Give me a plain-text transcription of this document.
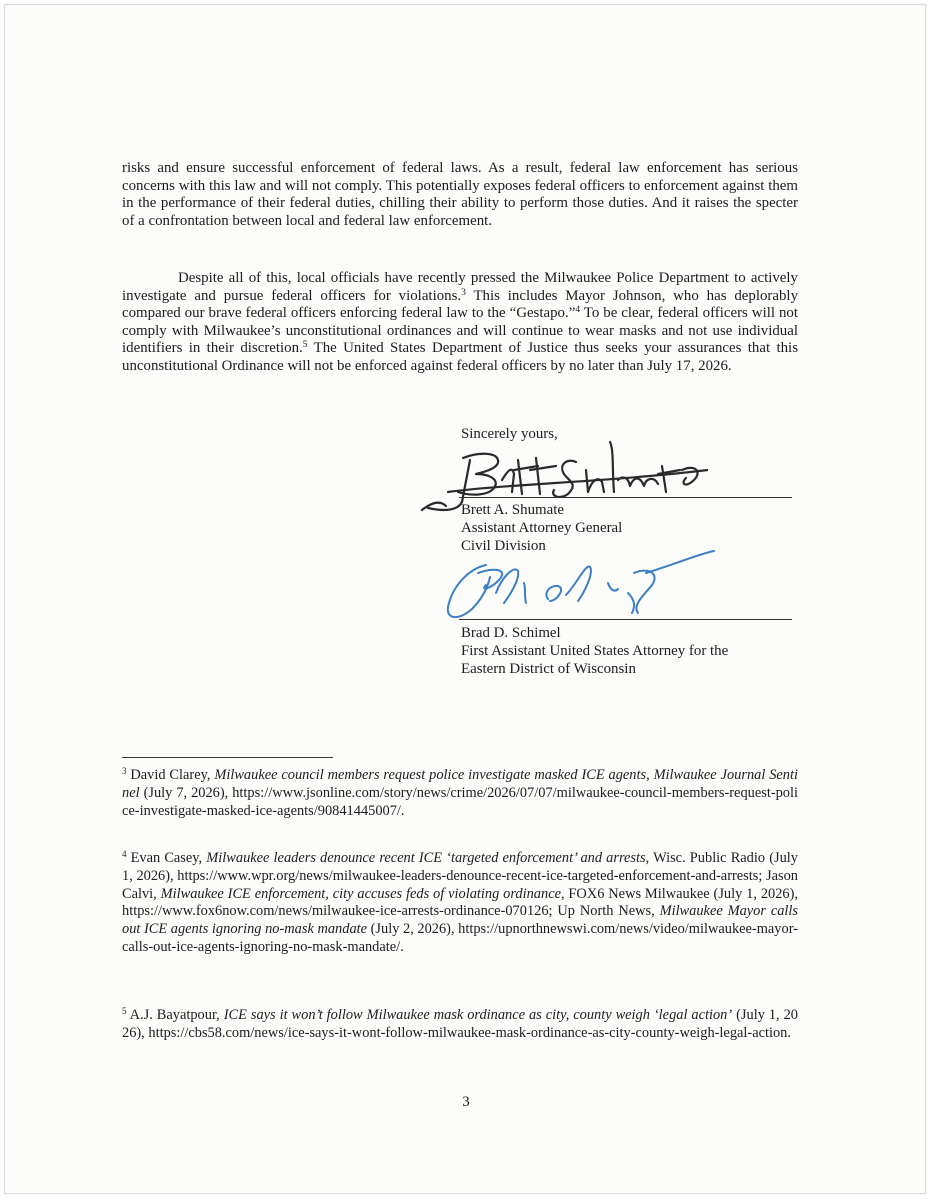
risks and ensure successful enforcement of federal laws. As a result, federal law enforcement has serious concerns with this law and will not comply. This potentially exposes federal officers to enforcement against them in the performance of their federal duties, chilling their ability to perform those duties. And it raises the specter of a confrontation between local and federal law enforcement.

Despite all of this, local officials have recently pressed the Milwaukee Police Department to actively investigate and pursue federal officers for violations.$^3$ This includes Mayor Johnson, who has deplorably compared our brave federal officers enforcing federal law to the “Gestapo.”$^4$ To be clear, federal officers will not comply with Milwaukee’s unconstitutional ordinances and will continue to wear masks and not use individual identifiers in their discretion.$^5$ The United States Department of Justice thus seeks your assurances that this unconstitutional Ordinance will not be enforced against federal officers by no later than July 17, 2026.

Sincerely yours,
Brett A. Shumate
Assistant Attorney General
Civil Division
Brad D. Schimel
First Assistant United States Attorney for the
Eastern District of Wisconsin

$^3$ David Clarey, Milwaukee council members request police investigate masked ICE agents, Milwaukee Journal Sentinel (July 7, 2026), https://www.jsonline.com/story/news/crime/2026/07/07/milwaukee-council-members-request-police-investigate-masked-ice-agents/90841445007/.

$^4$ Evan Casey, Milwaukee leaders denounce recent ICE ‘targeted enforcement’ and arrests, Wisc. Public Radio (July 1, 2026), https://www.wpr.org/news/milwaukee-leaders-denounce-recent-ice-targeted-enforcement-and-arrests; Jason Calvi, Milwaukee ICE enforcement, city accuses feds of violating ordinance, FOX6 News Milwaukee (July 1, 2026), https://www.fox6now.com/news/milwaukee-ice-arrests-ordinance-070126; Up North News, Milwaukee Mayor calls out ICE agents ignoring no-mask mandate (July 2, 2026), https://upnorthnewswi.com/news/video/milwaukee-mayor-calls-out-ice-agents-ignoring-no-mask-mandate/.

$^5$ A.J. Bayatpour, ICE says it won’t follow Milwaukee mask ordinance as city, county weigh ‘legal action’ (July 1, 2026), https://cbs58.com/news/ice-says-it-wont-follow-milwaukee-mask-ordinance-as-city-county-weigh-legal-action.

3
